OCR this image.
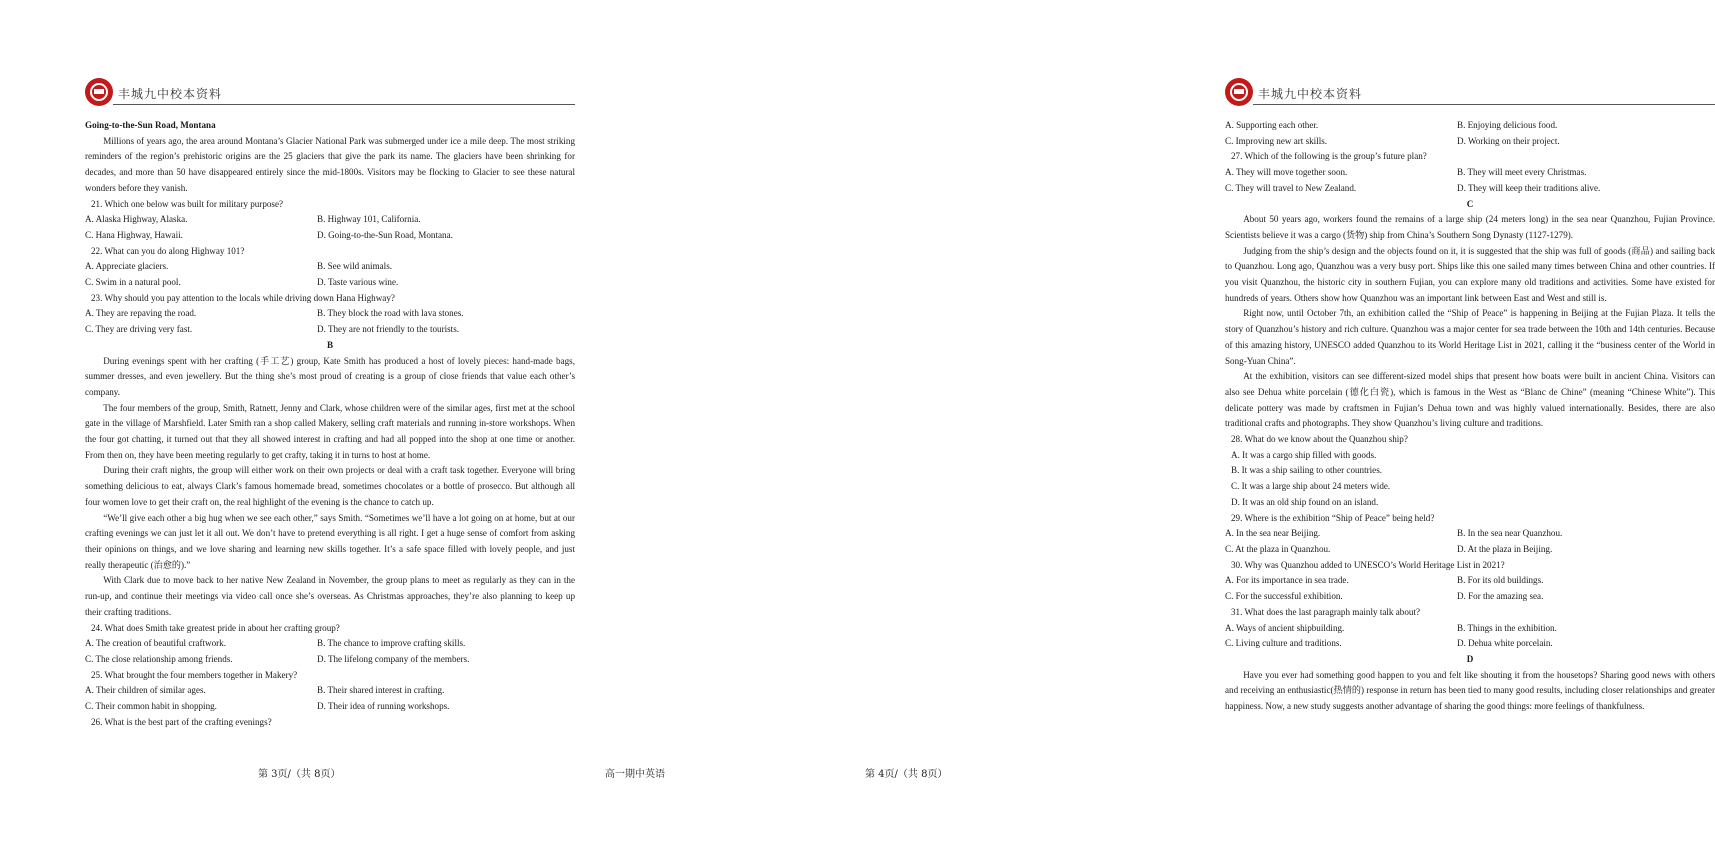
丰城九中校本资料

Going-to-the-Sun Road, Montana

Millions of years ago, the area around Montana’s Glacier National Park was submerged under ice a mile deep. The most striking reminders of the region’s prehistoric origins are the 25 glaciers that give the park its name. The glaciers have been shrinking for decades, and more than 50 have disappeared entirely since the mid-1800s. Visitors may be flocking to Glacier to see these natural wonders before they vanish.

21. Which one below was built for military purpose?

A. Alaska Highway, Alaska.	B. Highway 101, California.
C. Hana Highway, Hawaii.	D. Going-to-the-Sun Road, Montana.

22. What can you do along Highway 101?

A. Appreciate glaciers.	B. See wild animals.
C. Swim in a natural pool.	D. Taste various wine.

23. Why should you pay attention to the locals while driving down Hana Highway?

A. They are repaving the road.	B. They block the road with lava stones.
C. They are driving very fast.	D. They are not friendly to the tourists.

B

During evenings spent with her crafting (手工艺) group, Kate Smith has produced a host of lovely pieces: hand-made bags, summer dresses, and even jewellery. But the thing she’s most proud of creating is a group of close friends that value each other’s company.

The four members of the group, Smith, Ratnett, Jenny and Clark, whose children were of the similar ages, first met at the school gate in the village of Marshfield. Later Smith ran a shop called Makery, selling craft materials and running in-store workshops. When the four got chatting, it turned out that they all showed interest in crafting and had all popped into the shop at one time or another. From then on, they have been meeting regularly to get crafty, taking it in turns to host at home.

During their craft nights, the group will either work on their own projects or deal with a craft task together. Everyone will bring something delicious to eat, always Clark’s famous homemade bread, sometimes chocolates or a bottle of prosecco. But although all four women love to get their craft on, the real highlight of the evening is the chance to catch up.

“We’ll give each other a big hug when we see each other,” says Smith. “Sometimes we’ll have a lot going on at home, but at our crafting evenings we can just let it all out. We don’t have to pretend everything is all right. I get a huge sense of comfort from asking their opinions on things, and we love sharing and learning new skills together. It’s a safe space filled with lovely people, and just really therapeutic (治愈的).”

With Clark due to move back to her native New Zealand in November, the group plans to meet as regularly as they can in the run-up, and continue their meetings via video call once she’s overseas. As Christmas approaches, they’re also planning to keep up their crafting traditions.

24. What does Smith take greatest pride in about her crafting group?

A. The creation of beautiful craftwork.	B. The chance to improve crafting skills.
C. The close relationship among friends.	D. The lifelong company of the members.

25. What brought the four members together in Makery?

A. Their children of similar ages.	B. Their shared interest in crafting.
C. Their common habit in shopping.	D. Their idea of running workshops.

26. What is the best part of the crafting evenings?

第 3页/（共 8页）
丰城九中校本资料
A. Supporting each other.	B. Enjoying delicious food.
C. Improving new art skills.	D. Working on their project.

27. Which of the following is the group’s future plan?

A. They will move together soon.	B. They will meet every Christmas.
C. They will travel to New Zealand.	D. They will keep their traditions alive.

C

About 50 years ago, workers found the remains of a large ship (24 meters long) in the sea near Quanzhou, Fujian Province. Scientists believe it was a cargo (货物) ship from China’s Southern Song Dynasty (1127-1279).

Judging from the ship’s design and the objects found on it, it is suggested that the ship was full of goods (商品) and sailing back to Quanzhou. Long ago, Quanzhou was a very busy port. Ships like this one sailed many times between China and other countries. If you visit Quanzhou, the historic city in southern Fujian, you can explore many old traditions and activities. Some have existed for hundreds of years. Others show how Quanzhou was an important link between East and West and still is.

Right now, until October 7th, an exhibition called the “Ship of Peace” is happening in Beijing at the Fujian Plaza. It tells the story of Quanzhou’s history and rich culture. Quanzhou was a major center for sea trade between the 10th and 14th centuries. Because of this amazing history, UNESCO added Quanzhou to its World Heritage List in 2021, calling it the “business center of the World in Song-Yuan China”.

At the exhibition, visitors can see different-sized model ships that present how boats were built in ancient China. Visitors can also see Dehua white porcelain (德化白瓷), which is famous in the West as “Blanc de Chine” (meaning “Chinese White”). This delicate pottery was made by craftsmen in Fujian’s Dehua town and was highly valued internationally. Besides, there are also traditional crafts and photographs. They show Quanzhou’s living culture and traditions.

28. What do we know about the Quanzhou ship?

A. It was a cargo ship filled with goods.

B. It was a ship sailing to other countries.

C. It was a large ship about 24 meters wide.

D. It was an old ship found on an island.

29. Where is the exhibition “Ship of Peace” being held?

A. In the sea near Beijing.	B. In the sea near Quanzhou.
C. At the plaza in Quanzhou.	D. At the plaza in Beijing.

30. Why was Quanzhou added to UNESCO’s World Heritage List in 2021?

A. For its importance in sea trade.	B. For its old buildings.
C. For the successful exhibition.	D. For the amazing sea.

31. What does the last paragraph mainly talk about?

A. Ways of ancient shipbuilding.	B. Things in the exhibition.
C. Living culture and traditions.	D. Dehua white porcelain.

D

Have you ever had something good happen to you and felt like shouting it from the housetops? Sharing good news with others and receiving an enthusiastic(热情的) response in return has been tied to many good results, including closer relationships and greater happiness. Now, a new study suggests another advantage of sharing the good things: more feelings of thankfulness.

高一期中英语	第 4页/（共 8页）
